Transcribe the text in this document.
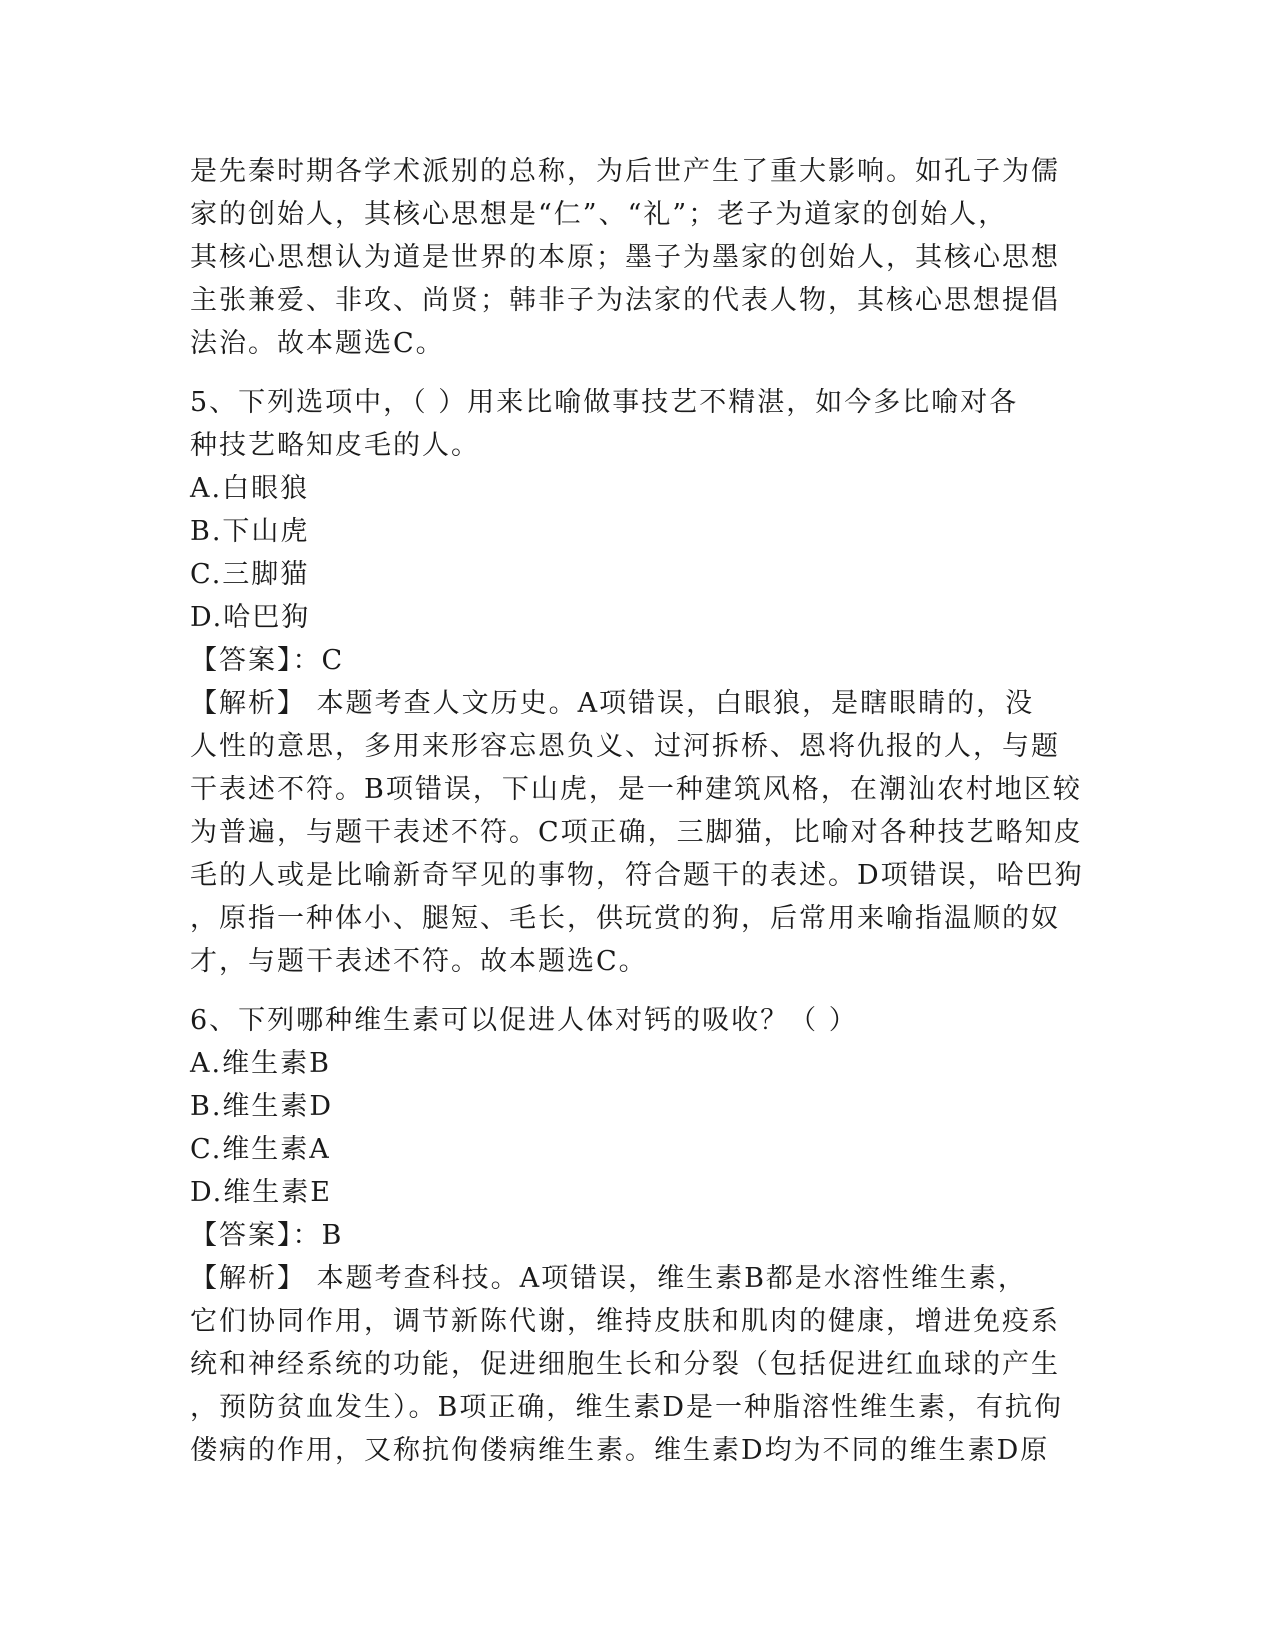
是先秦时期各学术派别的总称，为后世产生了重大影响。如孔子为儒
家的创始人，其核心思想是“仁”、“礼”；老子为道家的创始人，
其核心思想认为道是世界的本原；墨子为墨家的创始人，其核心思想
主张兼爱、非攻、尚贤；韩非子为法家的代表人物，其核心思想提倡
法治。故本题选C。
5、下列选项中，（ ）用来比喻做事技艺不精湛，如今多比喻对各
种技艺略知皮毛的人。
A.白眼狼
B.下山虎
C.三脚猫
D.哈巴狗
【答案】：C
【解析】 本题考查人文历史。A项错误，白眼狼，是瞎眼睛的，没
人性的意思，多用来形容忘恩负义、过河拆桥、恩将仇报的人，与题
干表述不符。B项错误，下山虎，是一种建筑风格，在潮汕农村地区较
为普遍，与题干表述不符。C项正确，三脚猫，比喻对各种技艺略知皮
毛的人或是比喻新奇罕见的事物，符合题干的表述。D项错误，哈巴狗
，原指一种体小、腿短、毛长，供玩赏的狗，后常用来喻指温顺的奴
才，与题干表述不符。故本题选C。
6、下列哪种维生素可以促进人体对钙的吸收？（ ）
A.维生素B
B.维生素D
C.维生素A
D.维生素E
【答案】：B
【解析】 本题考查科技。A项错误，维生素B都是水溶性维生素，
它们协同作用，调节新陈代谢，维持皮肤和肌肉的健康，增进免疫系
统和神经系统的功能，促进细胞生长和分裂（包括促进红血球的产生
，预防贫血发生）。B项正确，维生素D是一种脂溶性维生素，有抗佝
偻病的作用，又称抗佝偻病维生素。维生素D均为不同的维生素D原
